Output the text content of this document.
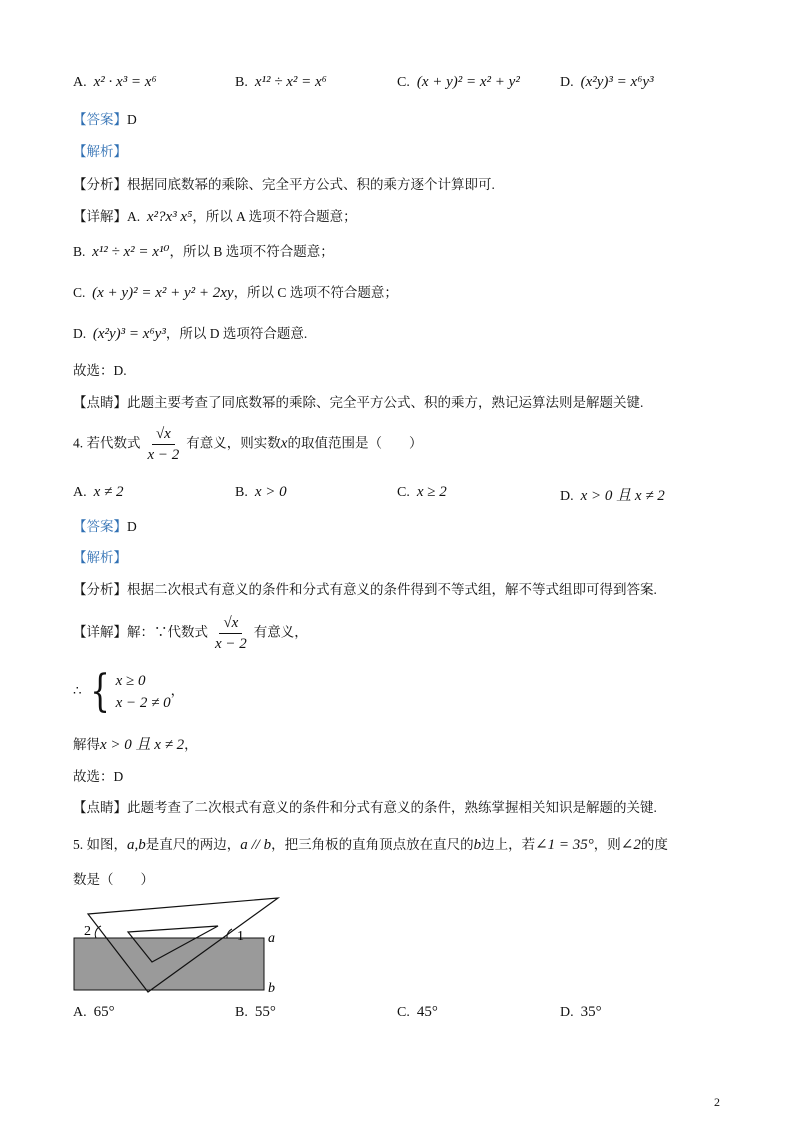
A. x² · x³ = x⁶	B. x¹² ÷ x² = x⁶	C. (x + y)² = x² + y²	D. (x²y)³ = x⁶y³
【答案】D
【解析】
【分析】根据同底数幂的乘除、完全平方公式、积的乘方逐个计算即可.
【详解】A. x²?x³ x⁵，所以 A 选项不符合题意；
B. x¹² ÷ x² = x¹⁰，所以 B 选项不符合题意；
C. (x + y)² = x² + y² + 2xy，所以 C 选项不符合题意；
D. (x²y)³ = x⁶y³，所以 D 选项符合题意.
故选：D.
【点睛】此题主要考查了同底数幂的乘除、完全平方公式、积的乘方，熟记运算法则是解题关键.
4. 若代数式 $\frac{√x}{x - 2}$ 有意义，则实数x的取值范围是（　　）
A. x ≠ 2	B. x > 0	C. x ≥ 2	D. x > 0 且 x ≠ 2
【答案】D
【解析】
【分析】根据二次根式有意义的条件和分式有意义的条件得到不等式组，解不等式组即可得到答案.
【详解】解：∵代数式 $\frac{√x}{x - 2}$ 有意义，
∴ { x ≥ 0
x − 2 ≠ 0
，
解得x > 0 且 x ≠ 2，
故选：D
【点睛】此题考查了二次根式有意义的条件和分式有意义的条件，熟练掌握相关知识是解题的关键.
5. 如图，a,b是直尺的两边，a // b，把三角板的直角顶点放在直尺的b边上，若∠1 = 35°，则∠2的度
数是（　　）
2	1 a
b
A. 65°	B. 55°	C. 45°	D. 35°
2
